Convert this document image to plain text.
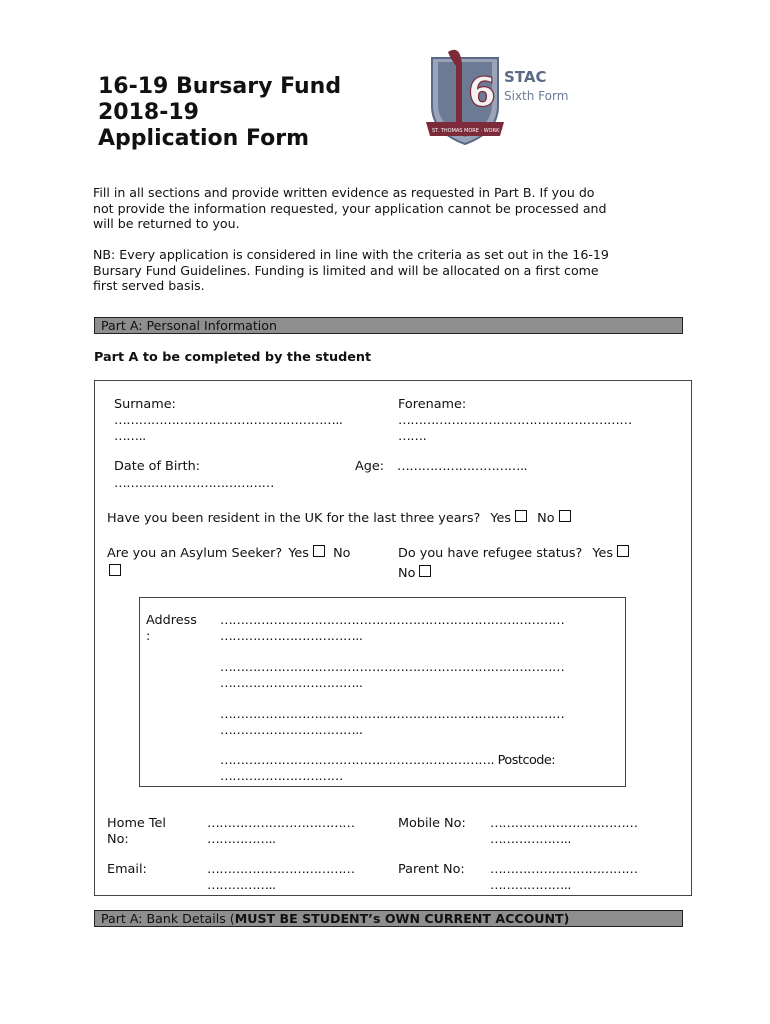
16-19 Bursary Fund
2018-19
Application Form
6
ST. THOMAS MORE · WORK · TO LOVE · TO PRAISE
STAC
Sixth Form
Fill in all sections and provide written evidence as requested in Part B. If you do
not provide the information requested, your application cannot be processed and
will be returned to you.
NB: Every application is considered in line with the criteria as set out in the 16-19
Bursary Fund Guidelines. Funding is limited and will be allocated on a first come
first served basis.
Part A: Personal Information
Part A to be completed by the student
Surname:
………………………………………………..
……..
Forename:
…………………………………………………
…….
Date of Birth:
…………………………………
Age: …………………………..
Have you been resident in the UK for the last three years? Yes No
Are you an Asylum Seeker? Yes No	Do you have refugee status? Yes
No
Address
:
…………………………………………………………………………
……………………………..
…………………………………………………………………………
……………………………..
…………………………………………………………………………
……………………………..
…………………………………………………………. Postcode:
…………………………
Home Tel
No:
………………………………
……………..
Mobile No: ………………………………
………………..
Email:	………………………………
……………..
Parent No: ………………………………
………………..
Part A: Bank Details (MUST BE STUDENT’s OWN CURRENT ACCOUNT)
